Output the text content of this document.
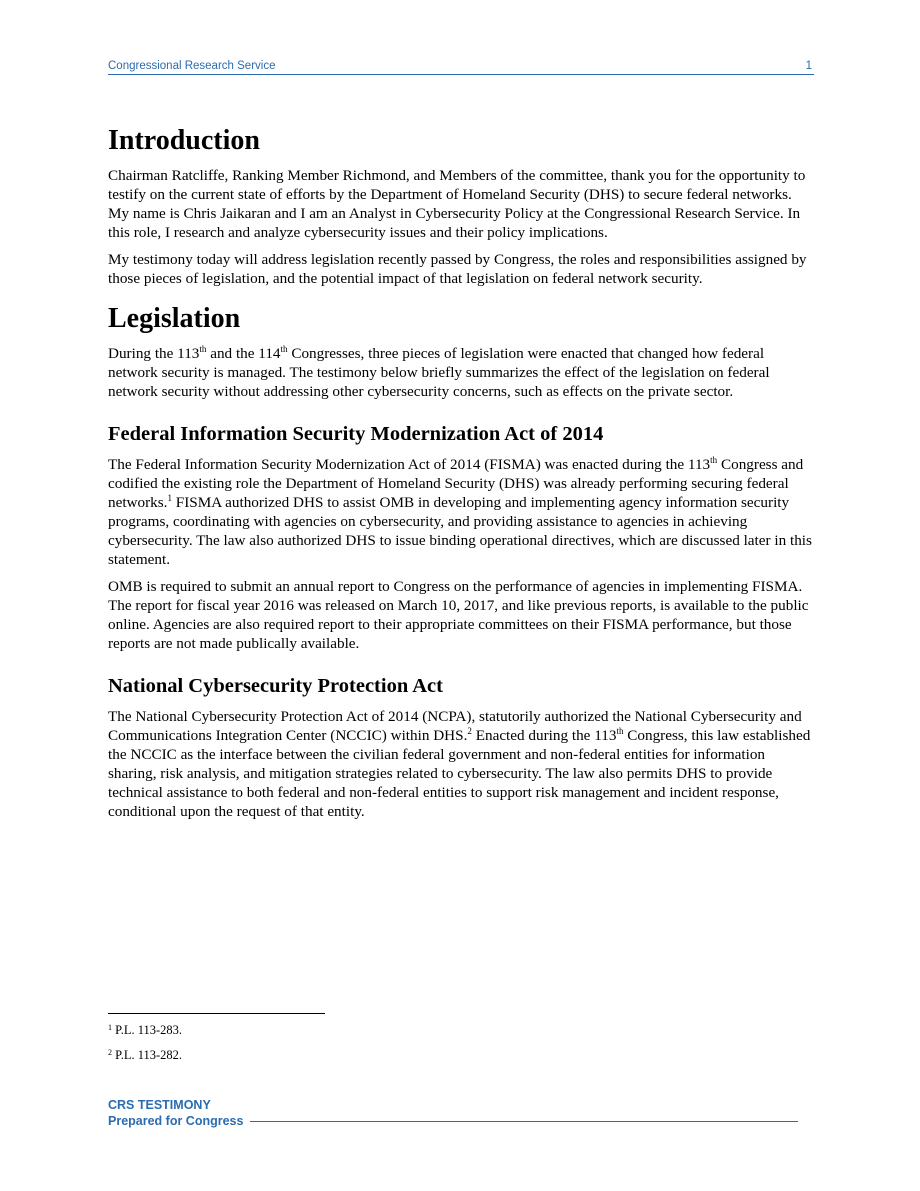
Congressional Research Service	1
Introduction

Chairman Ratcliffe, Ranking Member Richmond, and Members of the committee, thank you for the opportunity to testify on the current state of efforts by the Department of Homeland Security (DHS) to secure federal networks. My name is Chris Jaikaran and I am an Analyst in Cybersecurity Policy at the Congressional Research Service. In this role, I research and analyze cybersecurity issues and their policy implications.

My testimony today will address legislation recently passed by Congress, the roles and responsibilities assigned by those pieces of legislation, and the potential impact of that legislation on federal network security.

Legislation

During the 113th and the 114th Congresses, three pieces of legislation were enacted that changed how federal network security is managed. The testimony below briefly summarizes the effect of the legislation on federal network security without addressing other cybersecurity concerns, such as effects on the private sector.

Federal Information Security Modernization Act of 2014

The Federal Information Security Modernization Act of 2014 (FISMA) was enacted during the 113th Congress and codified the existing role the Department of Homeland Security (DHS) was already performing securing federal networks.$^1$ FISMA authorized DHS to assist OMB in developing and implementing agency information security programs, coordinating with agencies on cybersecurity, and providing assistance to agencies in achieving cybersecurity. The law also authorized DHS to issue binding operational directives, which are discussed later in this statement.

OMB is required to submit an annual report to Congress on the performance of agencies in implementing FISMA. The report for fiscal year 2016 was released on March 10, 2017, and like previous reports, is available to the public online. Agencies are also required report to their appropriate committees on their FISMA performance, but those reports are not made publically available.

National Cybersecurity Protection Act

The National Cybersecurity Protection Act of 2014 (NCPA), statutorily authorized the National Cybersecurity and Communications Integration Center (NCCIC) within DHS.$^2$ Enacted during the 113th Congress, this law established the NCCIC as the interface between the civilian federal government and non-federal entities for information sharing, risk analysis, and mitigation strategies related to cybersecurity. The law also permits DHS to provide technical assistance to both federal and non-federal entities to support risk management and incident response, conditional upon the request of that entity.

$^1$ P.L. 113-283.
$^2$ P.L. 113-282.
CRS TESTIMONY
Prepared for Congress
